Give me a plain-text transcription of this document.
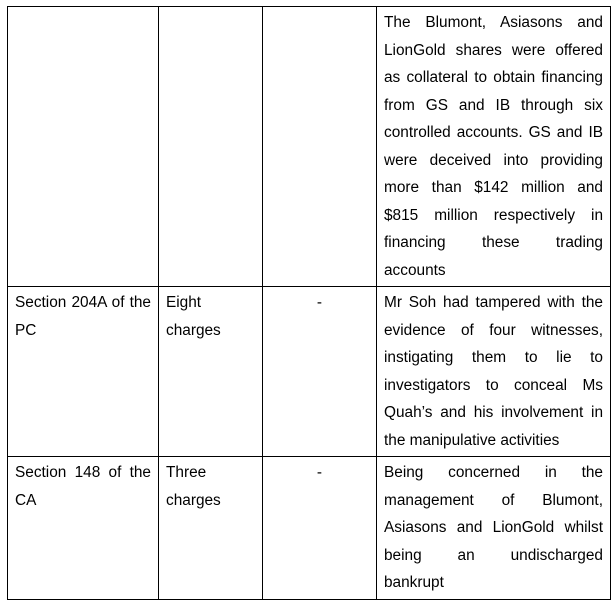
			The Blumont, Asiasons and LionGold shares were offered as collateral to obtain financing from GS and IB through six controlled accounts. GS and IB were deceived into providing more than $142 million and $815 million respectively in financing these trading accounts

Section 204A of the PC	Eight charges	-	Mr Soh had tampered with the evidence of four witnesses, instigating them to lie to investigators to conceal Ms Quah’s and his involvement in the manipulative activities

Section 148 of the CA	Three charges	-	Being concerned in the management of Blumont, Asiasons and LionGold whilst being an undischarged bankrupt
